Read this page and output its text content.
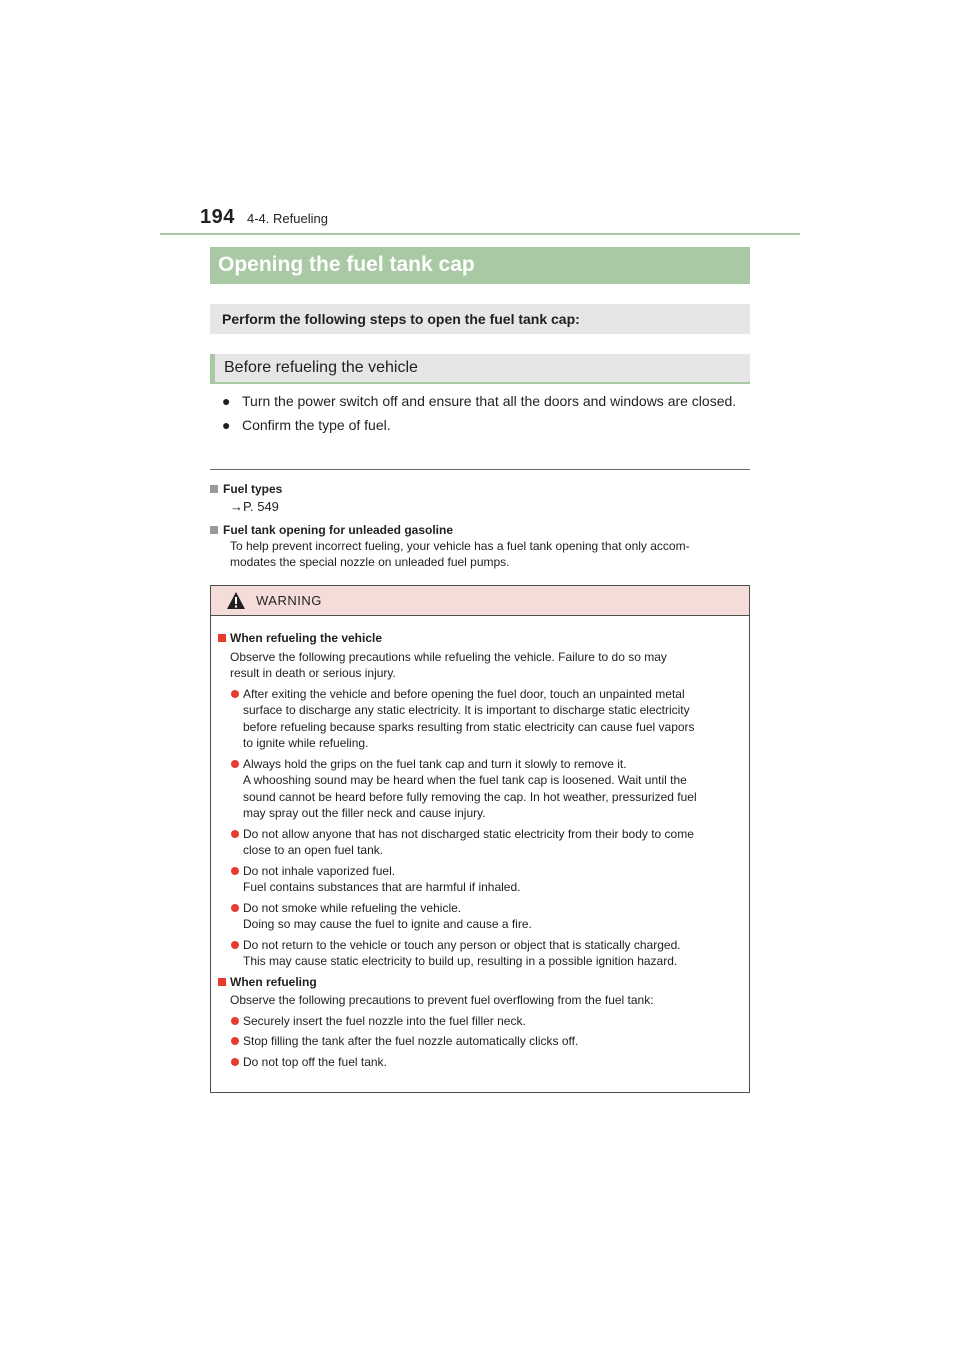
194 4-4. Refueling
Opening the fuel tank cap
Perform the following steps to open the fuel tank cap:
Before refueling the vehicle
● Turn the power switch off and ensure that all the doors and windows are closed.
● Confirm the type of fuel.
Fuel types
→P. 549
Fuel tank opening for unleaded gasoline
To help prevent incorrect fueling, your vehicle has a fuel tank opening that only accom-
modates the special nozzle on unleaded fuel pumps.
WARNING
When refueling the vehicle
Observe the following precautions while refueling the vehicle. Failure to do so may
result in death or serious injury.
After exiting the vehicle and before opening the fuel door, touch an unpainted metal
surface to discharge any static electricity. It is important to discharge static electricity
before refueling because sparks resulting from static electricity can cause fuel vapors
to ignite while refueling.
Always hold the grips on the fuel tank cap and turn it slowly to remove it.
A whooshing sound may be heard when the fuel tank cap is loosened. Wait until the
sound cannot be heard before fully removing the cap. In hot weather, pressurized fuel
may spray out the filler neck and cause injury.
Do not allow anyone that has not discharged static electricity from their body to come
close to an open fuel tank.
Do not inhale vaporized fuel.
Fuel contains substances that are harmful if inhaled.
Do not smoke while refueling the vehicle.
Doing so may cause the fuel to ignite and cause a fire.
Do not return to the vehicle or touch any person or object that is statically charged.
This may cause static electricity to build up, resulting in a possible ignition hazard.
When refueling
Observe the following precautions to prevent fuel overflowing from the fuel tank:
Securely insert the fuel nozzle into the fuel filler neck.
Stop filling the tank after the fuel nozzle automatically clicks off.
Do not top off the fuel tank.
